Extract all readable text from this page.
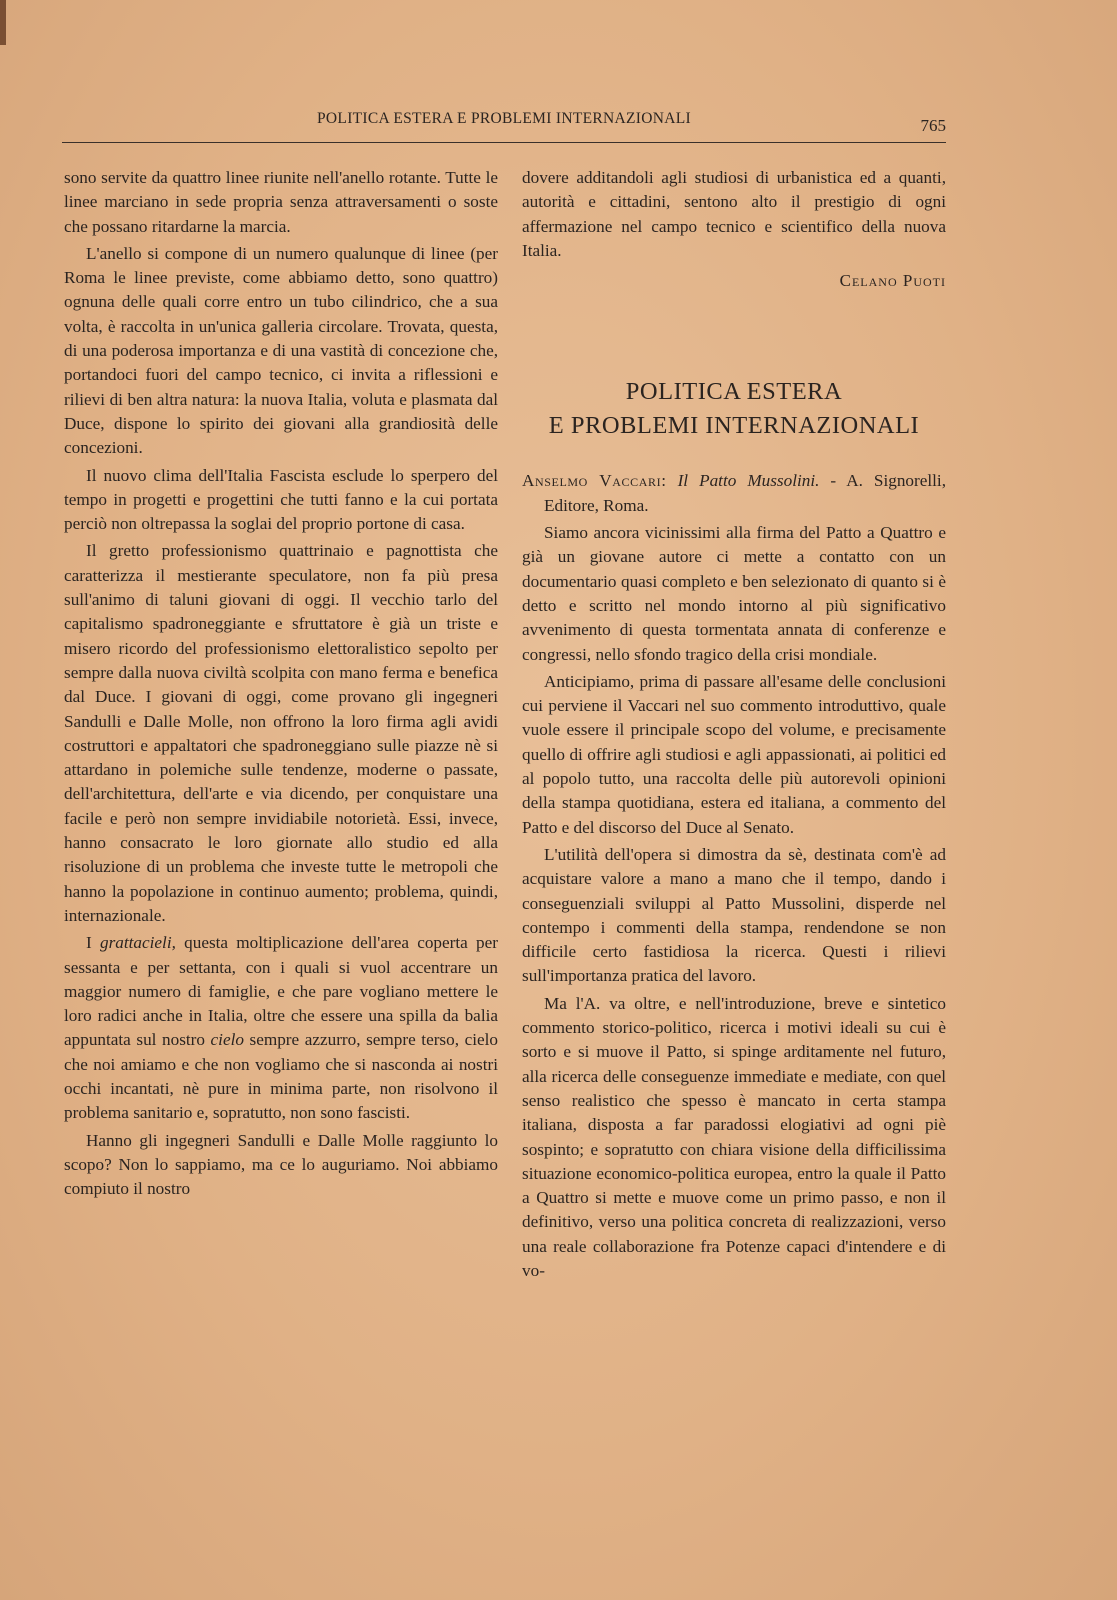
POLITICA ESTERA E PROBLEMI INTERNAZIONALI	765

sono servite da quattro linee riunite nell'anello rotante. Tutte le linee marciano in sede propria senza attraversamenti o soste che possano ritardarne la marcia.

L'anello si compone di un numero qualunque di linee (per Roma le linee previste, come abbiamo detto, sono quattro) ognuna delle quali corre entro un tubo cilindrico, che a sua volta, è raccolta in un'unica galleria circolare. Trovata, questa, di una poderosa importanza e di una vastità di concezione che, portandoci fuori del campo tecnico, ci invita a riflessioni e rilievi di ben altra natura: la nuova Italia, voluta e plasmata dal Duce, dispone lo spirito dei giovani alla grandiosità delle concezioni.

Il nuovo clima dell'Italia Fascista esclude lo sperpero del tempo in progetti e progettini che tutti fanno e la cui portata perciò non oltrepassa la soglai del proprio portone di casa.

Il gretto professionismo quattrinaio e pagnottista che caratterizza il mestierante speculatore, non fa più presa sull'animo di taluni giovani di oggi. Il vecchio tarlo del capitalismo spadroneggiante e sfruttatore è già un triste e misero ricordo del professionismo elettoralistico sepolto per sempre dalla nuova civiltà scolpita con mano ferma e benefica dal Duce. I giovani di oggi, come provano gli ingegneri Sandulli e Dalle Molle, non offrono la loro firma agli avidi costruttori e appaltatori che spadroneggiano sulle piazze nè si attardano in polemiche sulle tendenze, moderne o passate, dell'architettura, dell'arte e via dicendo, per conquistare una facile e però non sempre invidiabile notorietà. Essi, invece, hanno consacrato le loro giornate allo studio ed alla risoluzione di un problema che investe tutte le metropoli che hanno la popolazione in continuo aumento; problema, quindi, internazionale.

I grattacieli, questa moltiplicazione dell'area coperta per sessanta e per settanta, con i quali si vuol accentrare un maggior numero di famiglie, e che pare vogliano mettere le loro radici anche in Italia, oltre che essere una spilla da balia appuntata sul nostro cielo sempre azzurro, sempre terso, cielo che noi amiamo e che non vogliamo che si nasconda ai nostri occhi incantati, nè pure in minima parte, non risolvono il problema sanitario e, sopratutto, non sono fascisti.

Hanno gli ingegneri Sandulli e Dalle Molle raggiunto lo scopo? Non lo sappiamo, ma ce lo auguriamo. Noi abbiamo compiuto il nostro

dovere additandoli agli studiosi di urbanistica ed a quanti, autorità e cittadini, sentono alto il prestigio di ogni affermazione nel campo tecnico e scientifico della nuova Italia.

Celano Puoti
POLITICA ESTERA
E PROBLEMI INTERNAZIONALI

Anselmo Vaccari: Il Patto Mussolini. - A. Signorelli, Editore, Roma.

Siamo ancora vicinissimi alla firma del Patto a Quattro e già un giovane autore ci mette a contatto con un documentario quasi completo e ben selezionato di quanto si è detto e scritto nel mondo intorno al più significativo avvenimento di questa tormentata annata di conferenze e congressi, nello sfondo tragico della crisi mondiale.

Anticipiamo, prima di passare all'esame delle conclusioni cui perviene il Vaccari nel suo commento introduttivo, quale vuole essere il principale scopo del volume, e precisamente quello di offrire agli studiosi e agli appassionati, ai politici ed al popolo tutto, una raccolta delle più autorevoli opinioni della stampa quotidiana, estera ed italiana, a commento del Patto e del discorso del Duce al Senato.

L'utilità dell'opera si dimostra da sè, destinata com'è ad acquistare valore a mano a mano che il tempo, dando i conseguenziali sviluppi al Patto Mussolini, disperde nel contempo i commenti della stampa, rendendone se non difficile certo fastidiosa la ricerca. Questi i rilievi sull'importanza pratica del lavoro.

Ma l'A. va oltre, e nell'introduzione, breve e sintetico commento storico-politico, ricerca i motivi ideali su cui è sorto e si muove il Patto, si spinge arditamente nel futuro, alla ricerca delle conseguenze immediate e mediate, con quel senso realistico che spesso è mancato in certa stampa italiana, disposta a far paradossi elogiativi ad ogni piè sospinto; e sopratutto con chiara visione della difficilissima situazione economico-politica europea, entro la quale il Patto a Quattro si mette e muove come un primo passo, e non il definitivo, verso una politica concreta di realizzazioni, verso una reale collaborazione fra Potenze capaci d'intendere e di vo-
